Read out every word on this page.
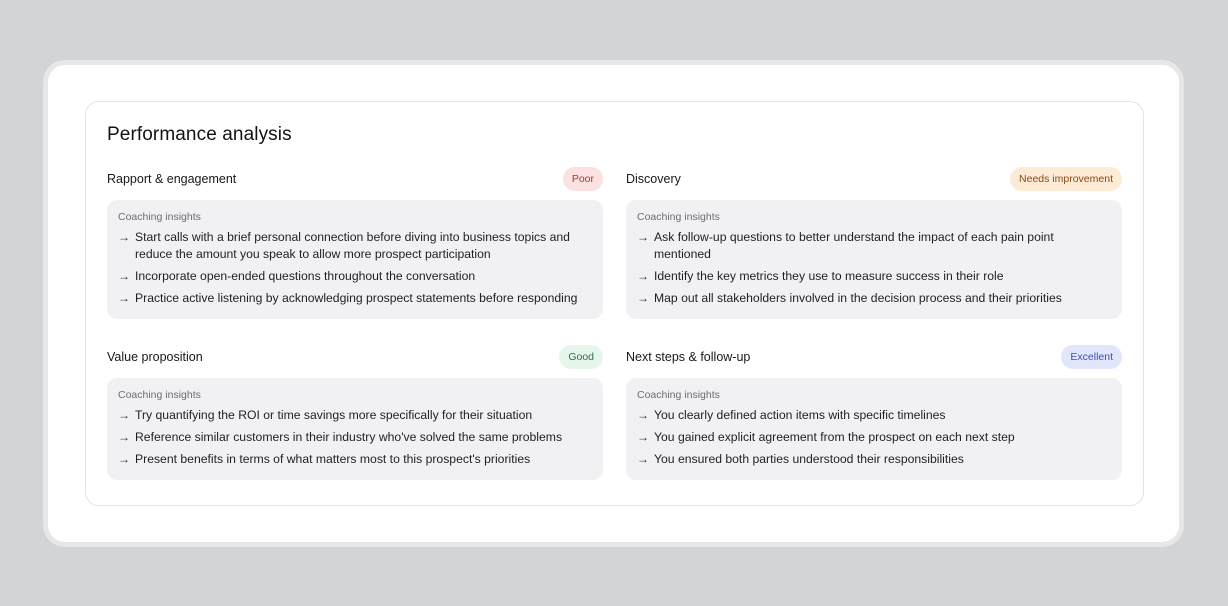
Performance analysis
Rapport & engagement	Poor
Coaching insights
→ Start calls with a brief personal connection before diving into business topics and reduce the amount you speak to allow more prospect participation
→ Incorporate open-ended questions throughout the conversation
→ Practice active listening by acknowledging prospect statements before responding
Discovery	Needs improvement
Coaching insights
→ Ask follow-up questions to better understand the impact of each pain point mentioned
→ Identify the key metrics they use to measure success in their role
→ Map out all stakeholders involved in the decision process and their priorities
Value proposition	Good
Coaching insights
→ Try quantifying the ROI or time savings more specifically for their situation
→ Reference similar customers in their industry who've solved the same problems
→ Present benefits in terms of what matters most to this prospect's priorities
Next steps & follow-up	Excellent
Coaching insights
→ You clearly defined action items with specific timelines
→ You gained explicit agreement from the prospect on each next step
→ You ensured both parties understood their responsibilities
